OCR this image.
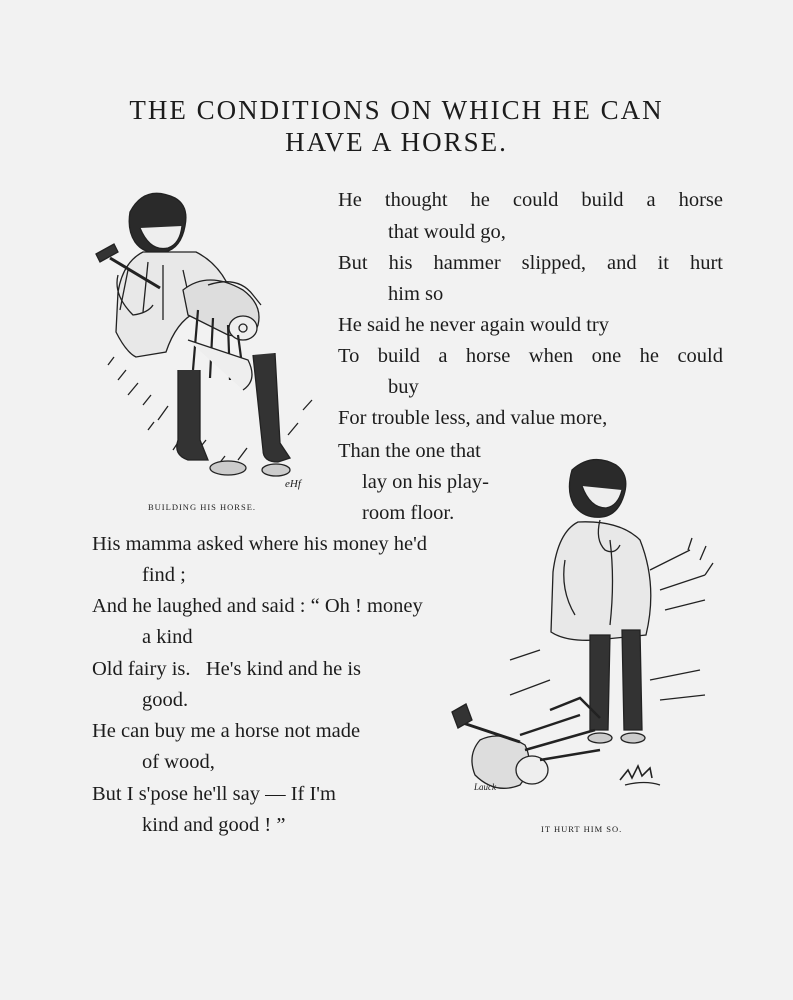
THE CONDITIONS ON WHICH HE CAN
HAVE A HORSE.
BUILDING HIS HORSE.
eHf
IT HURT HIM SO.
Lauck
He thought he could build a horse
that would go,
But his hammer slipped, and it hurt
him so
He said he never again would try
To build a horse when one he could
buy
For trouble less, and value more,
Than the one that
lay on his play-
room floor.
His mamma asked where his money he'd
find ;
And he laughed and said : “ Oh ! money
a kind
Old fairy is.   He's kind and he is
good.
He can buy me a horse not made
of wood,
But I s'pose he'll say — If I'm
kind and good ! ”
